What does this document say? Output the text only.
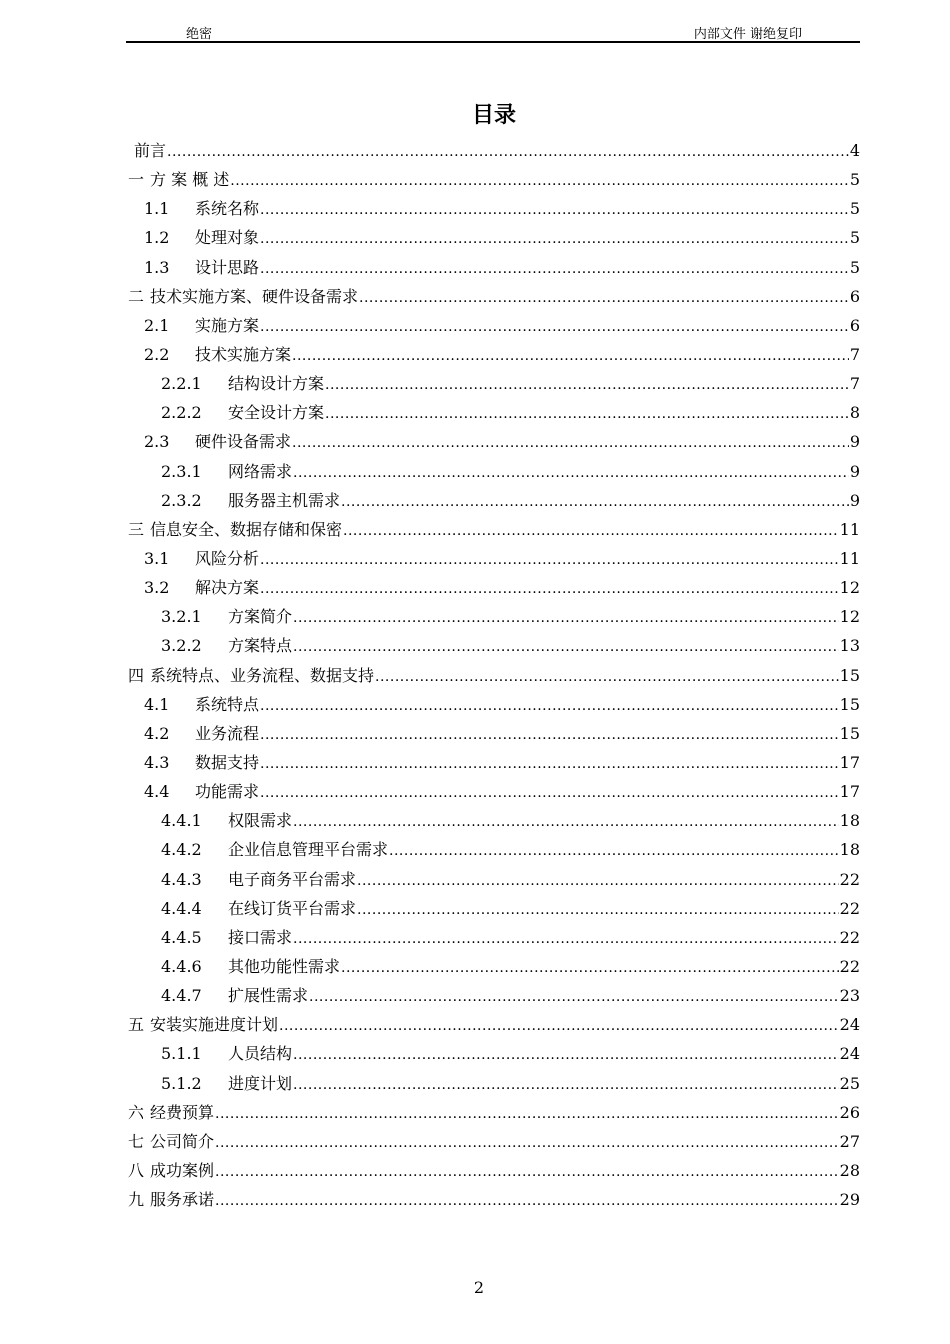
绝密	内部文件 谢绝复印
目录
前言 .....	4
一 方 案 概 述 .....	5
1.1	系统名称 .....	5
1.2	处理对象 .....	5
1.3	设计思路 .....	5
二 技术实施方案、硬件设备需求 .....	6
2.1	实施方案 .....	6
2.2	技术实施方案 .....	7
2.2.1	结构设计方案 .....	7
2.2.2	安全设计方案 .....	8
2.3	硬件设备需求 .....	9
2.3.1	网络需求 .....	9
2.3.2	服务器主机需求 .....	9
三 信息安全、数据存储和保密 .....	11
3.1	风险分析 .....	11
3.2	解决方案 .....	12
3.2.1	方案简介 .....	12
3.2.2	方案特点 .....	13
四 系统特点、业务流程、数据支持 .....	15
4.1	系统特点 .....	15
4.2	业务流程 .....	15
4.3	数据支持 .....	17
4.4	功能需求 .....	17
4.4.1	权限需求 .....	18
4.4.2	企业信息管理平台需求 .....	18
4.4.3	电子商务平台需求 .....	22
4.4.4	在线订货平台需求 .....	22
4.4.5	接口需求 .....	22
4.4.6	其他功能性需求 .....	22
4.4.7	扩展性需求 .....	23
五 安装实施进度计划 .....	24
5.1.1	人员结构 .....	24
5.1.2	进度计划 .....	25
六 经费预算 .....	26
七 公司简介 .....	27
八 成功案例 .....	28
九 服务承诺 .....	29
2
